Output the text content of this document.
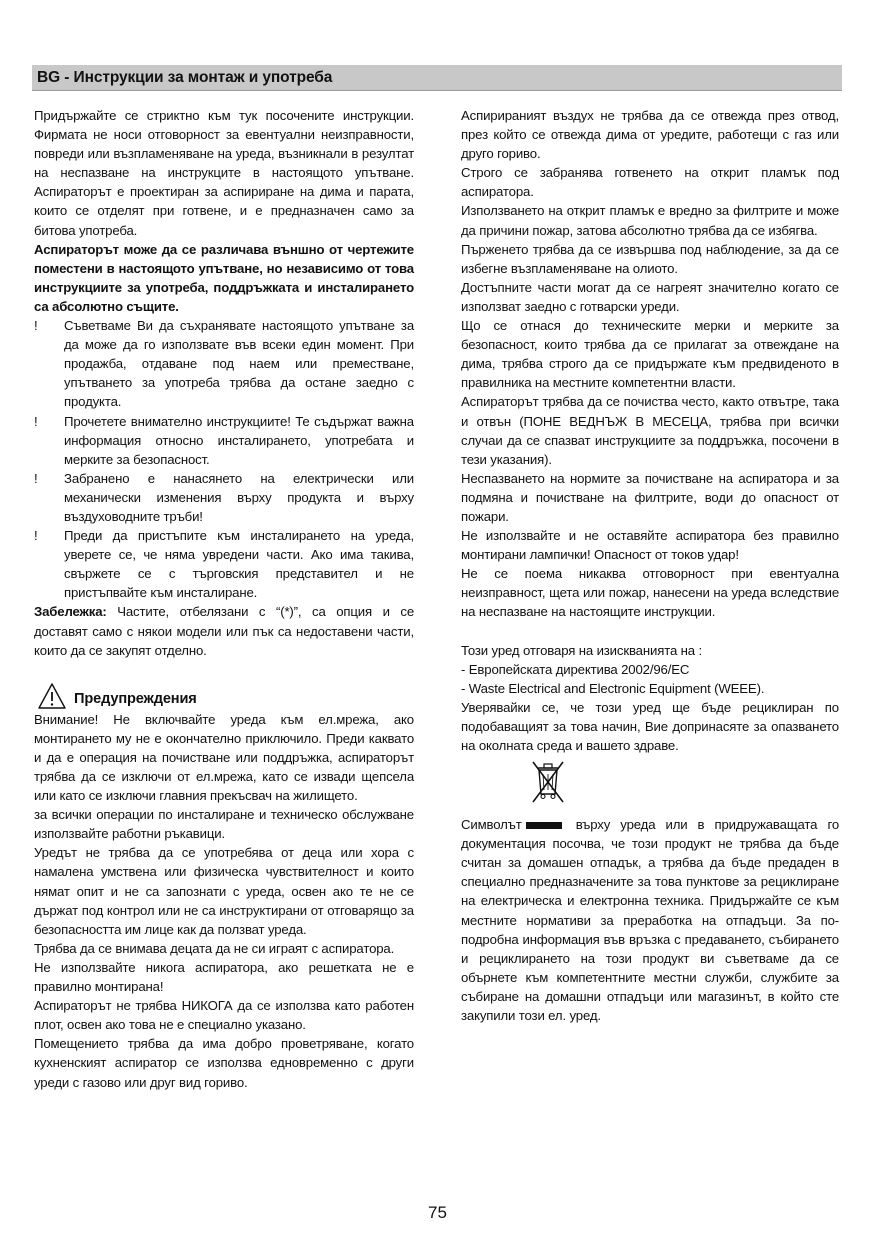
BG - Инструкции за монтаж и употреба

Придържайте се стриктно към тук посочените инструкции. Фирмата не носи отговорност за евентуални неизправности, повреди или възпламеняване на уреда, възникнали в резултат на неспазване на инструкците в настоящото упътване. Аспираторът е проектиран за аспириране на дима и парата, които се отделят при готвене, и е предназначен само за битова употреба.

Аспираторът може да се различава външно от чертежите поместени в настоящото упътване, но независимо от това инструкциите за употреба, поддръжката и инсталирането са абсолютно същите.

!	Съветваме Ви да съхранявате настоящото упътване за да може да го използвате във всеки един момент. При продажба, отдаване под наем или преместване, упътването за употреба трябва да остане заедно с продукта.
!	Прочетете внимателно инструкциите! Те съдържат важна информация относно инсталирането, употребата и мерките за безопасност.
!	Забранено е нанасянето на електрически или механически изменения върху продукта и върху въздуховодните тръби!
!	Преди да пристъпите към инсталирането на уреда, уверете се, че няма увредени части. Ако има такива, свържете се с търговския представител и не пристъпвайте към инсталиране.

Забележка: Частите, отбелязани с “(*)”, са опция и се доставят само с някои модели или пък са недоставени части, които да се закупят отделно.

Предупреждения

Внимание! Не включвайте уреда към ел.мрежа, ако монтирането му не е окончателно приключило. Преди каквато и да е операция на почистване или поддръжка, аспираторът трябва да се изключи от ел.мрежа, като се извади щепсела или като се изключи главния прекъсвач на жилището.

за всички операции по инсталиране и техническо обслужване използвайте работни ръкавици.

Уредът не трябва да се употребява от деца или хора с намалена умствена или физическа чувствителност и които нямат опит и не са запознати с уреда, освен ако те не се държат под контрол или не са инструктирани от отговарящо за безопасността им лице как да ползват уреда.

Трябва да се внимава децата да не си играят с аспиратора.

Не използвайте никога аспиратора, ако решетката не е правилно монтирана!

Аспираторът не трябва НИКОГА да се използва като работен плот, освен ако това не е специално указано.

Помещението трябва да има добро проветряване, когато кухненският аспиратор се използва едновременно с други уреди с газово или друг вид гориво.

Аспирираният въздух не трябва да се отвежда през отвод, през който се отвежда дима от уредите, работещи с газ или друго гориво.

Строго се забранява готвенето на открит пламък под аспиратора.

Използването на открит пламък е вредно за филтрите и може да причини пожар, затова абсолютно трябва да се избягва.

Пърженето трябва да се извършва под наблюдение, за да се избегне възпламеняване на олиото.

Достъпните части могат да се нагреят значително когато се използват заедно с готварски уреди.

Що се отнася до техническите мерки и мерките за безопасност, които трябва да се прилагат за отвеждане на дима, трябва строго да се придържате към предвиденото в правилника на местните компетентни власти.

Аспираторът трябва да се почиства често, както отвътре, така и отвън (ПОНЕ ВЕДНЪЖ В МЕСЕЦА, трябва при всички случаи да се спазват инструкциите за поддръжка, посочени в тези указания).

Неспазването на нормите за почистване на аспиратора и за подмяна и почистване на филтрите, води до опасност от пожари.

Не използвайте и не оставяйте аспиратора без правилно монтирани лампички! Опасност от токов удар!

Не се поема никаква отговорност при евентуална неизправност, щета или пожар, нанесени на уреда вследствие на неспазване на настоящите инструкции.

Този уред отговаря на изискванията на :

- Европейската директива 2002/96/ЕС

- Waste Electrical and Electronic Equipment (WEEE).

Уверявайки се, че този уред ще бъде рециклиран по подобаващият за това начин, Вие допринасяте за опазването на околната среда и вашето здраве.

Символът	върху уреда или в придружаващата го документация посочва, че този продукт не трябва да бъде считан за домашен отпадък, а трябва да бъде предаден в специално предназначените за това пунктове за рециклиране на електрическа и електронна техника. Придържайте се към местните нормативи за преработка на отпадъци. За по-подробна информация във връзка с предаването, събирането и рециклирането на този продукт ви съветваме да се обърнете към компетентните местни служби, службите за събиране на домашни отпадъци или магазинът, в който сте закупили този ел. уред.

75
